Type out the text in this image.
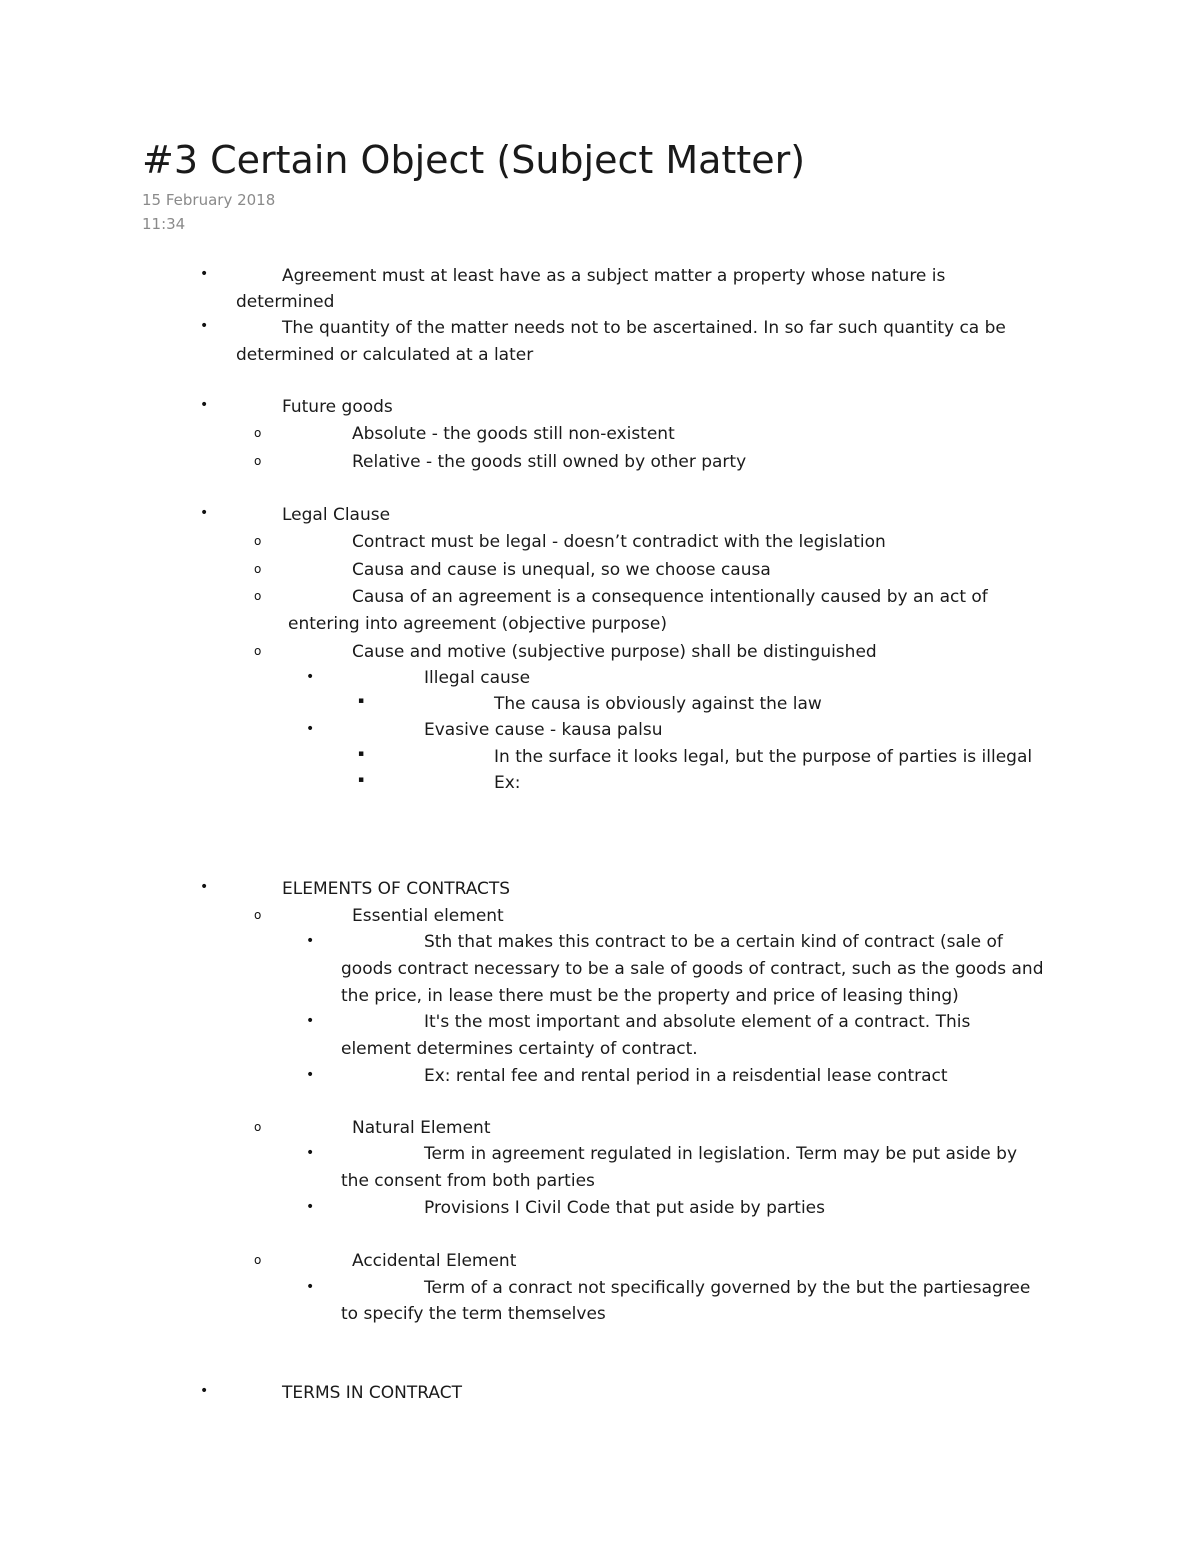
#3 Certain Object (Subject Matter)
15 February 2018
11:34
•	Agreement must at least have as a subject matter a property whose nature is
determined
•	The quantity of the matter needs not to be ascertained. In so far such quantity ca be
determined or calculated at a later
•	Future goods
o	Absolute - the goods still non-existent
o	Relative - the goods still owned by other party
•	Legal Clause
o	Contract must be legal - doesn’t contradict with the legislation
o	Causa and cause is unequal, so we choose causa
o	Causa of an agreement is a consequence intentionally caused by an act of
entering into agreement (objective purpose)
o	Cause and motive (subjective purpose) shall be distinguished
•	Illegal cause
▪	The causa is obviously against the law
•	Evasive cause - kausa palsu
▪	In the surface it looks legal, but the purpose of parties is illegal
▪	Ex:
•	ELEMENTS OF CONTRACTS
o	Essential element
•	Sth that makes this contract to be a certain kind of contract (sale of
goods contract necessary to be a sale of goods of contract, such as the goods and
the price, in lease there must be the property and price of leasing thing)
•	It's the most important and absolute element of a contract. This
element determines certainty of contract.
•	Ex: rental fee and rental period in a reisdential lease contract
o	Natural Element
•	Term in agreement regulated in legislation. Term may be put aside by
the consent from both parties
•	Provisions I Civil Code that put aside by parties
o	Accidental Element
•	Term of a conract not specifically governed by the but the partiesagree
to specify the term themselves
•	TERMS IN CONTRACT
